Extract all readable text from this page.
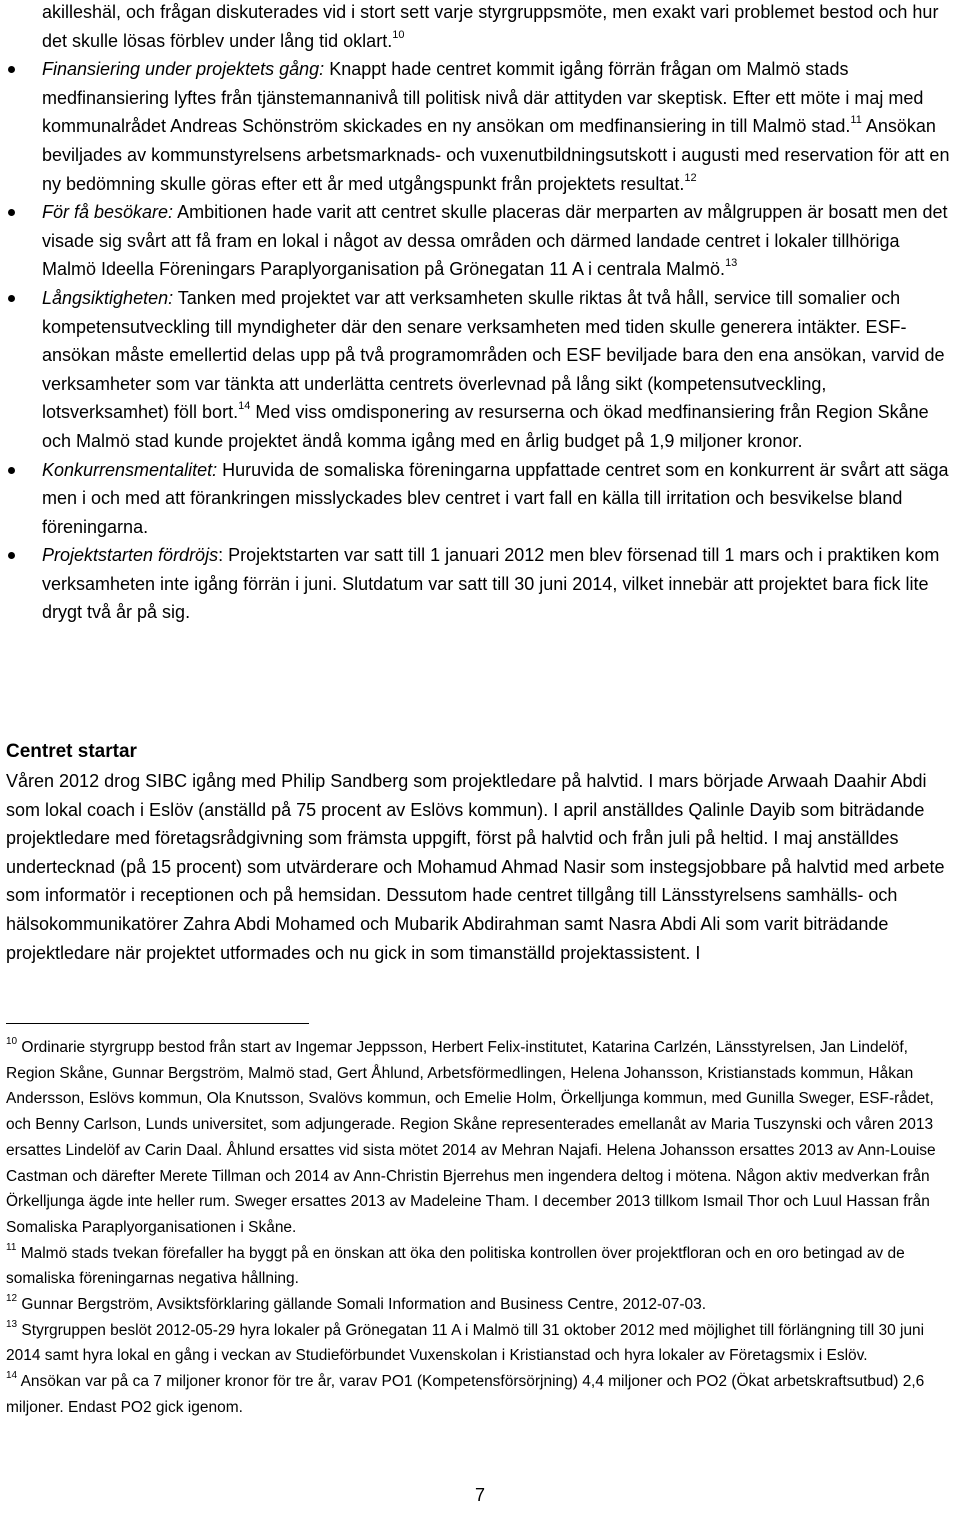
akilleshäl, och frågan diskuterades vid i stort sett varje styrgruppsmöte, men exakt vari problemet bestod och hur det skulle lösas förblev under lång tid oklart.$^{10}$

Finansiering under projektets gång: Knappt hade centret kommit igång förrän frågan om Malmö stads medfinansiering lyftes från tjänstemannanivå till politisk nivå där attityden var skeptisk. Efter ett möte i maj med kommunalrådet Andreas Schönström skickades en ny ansökan om medfinansiering in till Malmö stad.$^{11}$ Ansökan beviljades av kommunstyrelsens arbetsmarknads- och vuxenutbildningsutskott i augusti med reservation för att en ny bedömning skulle göras efter ett år med utgångspunkt från projektets resultat.$^{12}$

För få besökare: Ambitionen hade varit att centret skulle placeras där merparten av målgruppen är bosatt men det visade sig svårt att få fram en lokal i något av dessa områden och därmed landade centret i lokaler tillhöriga Malmö Ideella Föreningars Paraplyorganisation på Grönegatan 11 A i centrala Malmö.$^{13}$

Långsiktigheten: Tanken med projektet var att verksamheten skulle riktas åt två håll, service till somalier och kompetensutveckling till myndigheter där den senare verksamheten med tiden skulle generera intäkter. ESF-ansökan måste emellertid delas upp på två programområden och ESF beviljade bara den ena ansökan, varvid de verksamheter som var tänkta att underlätta centrets överlevnad på lång sikt (kompetensutveckling, lotsverksamhet) föll bort.$^{14}$ Med viss omdisponering av resurserna och ökad medfinansiering från Region Skåne och Malmö stad kunde projektet ändå komma igång med en årlig budget på 1,9 miljoner kronor.

Konkurrensmentalitet: Huruvida de somaliska föreningarna uppfattade centret som en konkurrent är svårt att säga men i och med att förankringen misslyckades blev centret i vart fall en källa till irritation och besvikelse bland föreningarna.

Projektstarten fördröjs: Projektstarten var satt till 1 januari 2012 men blev försenad till 1 mars och i praktiken kom verksamheten inte igång förrän i juni. Slutdatum var satt till 30 juni 2014, vilket innebär att projektet bara fick lite drygt två år på sig.

Centret startar

Våren 2012 drog SIBC igång med Philip Sandberg som projektledare på halvtid. I mars började Arwaah Daahir Abdi som lokal coach i Eslöv (anställd på 75 procent av Eslövs kommun). I april anställdes Qalinle Dayib som biträdande projektledare med företagsrådgivning som främsta uppgift, först på halvtid och från juli på heltid. I maj anställdes undertecknad (på 15 procent) som utvärderare och Mohamud Ahmad Nasir som instegsjobbare på halvtid med arbete som informatör i receptionen och på hemsidan. Dessutom hade centret tillgång till Länsstyrelsens samhälls- och hälsokommunikatörer Zahra Abdi Mohamed och Mubarik Abdirahman samt Nasra Abdi Ali som varit biträdande projektledare när projektet utformades och nu gick in som timanställd projektassistent. I

$^{10}$ Ordinarie styrgrupp bestod från start av Ingemar Jeppsson, Herbert Felix-institutet, Katarina Carlzén, Länsstyrelsen, Jan Lindelöf, Region Skåne, Gunnar Bergström, Malmö stad, Gert Åhlund, Arbetsförmedlingen, Helena Johansson, Kristianstads kommun, Håkan Andersson, Eslövs kommun, Ola Knutsson, Svalövs kommun, och Emelie Holm, Örkelljunga kommun, med Gunilla Sweger, ESF-rådet, och Benny Carlson, Lunds universitet, som adjungerade. Region Skåne representerades emellanåt av Maria Tuszynski och våren 2013 ersattes Lindelöf av Carin Daal. Åhlund ersattes vid sista mötet 2014 av Mehran Najafi. Helena Johansson ersattes 2013 av Ann-Louise Castman och därefter Merete Tillman och 2014 av Ann-Christin Bjerrehus men ingendera deltog i mötena. Någon aktiv medverkan från Örkelljunga ägde inte heller rum. Sweger ersattes 2013 av Madeleine Tham. I december 2013 tillkom Ismail Thor och Luul Hassan från Somaliska Paraplyorganisationen i Skåne.

$^{11}$ Malmö stads tvekan förefaller ha byggt på en önskan att öka den politiska kontrollen över projektfloran och en oro betingad av de somaliska föreningarnas negativa hållning.

$^{12}$ Gunnar Bergström, Avsiktsförklaring gällande Somali Information and Business Centre, 2012-07-03.

$^{13}$ Styrgruppen beslöt 2012-05-29 hyra lokaler på Grönegatan 11 A i Malmö till 31 oktober 2012 med möjlighet till förlängning till 30 juni 2014 samt hyra lokal en gång i veckan av Studieförbundet Vuxenskolan i Kristianstad och hyra lokaler av Företagsmix i Eslöv.

$^{14}$ Ansökan var på ca 7 miljoner kronor för tre år, varav PO1 (Kompetensförsörjning) 4,4 miljoner och PO2 (Ökat arbetskraftsutbud) 2,6 miljoner. Endast PO2 gick igenom.

7
